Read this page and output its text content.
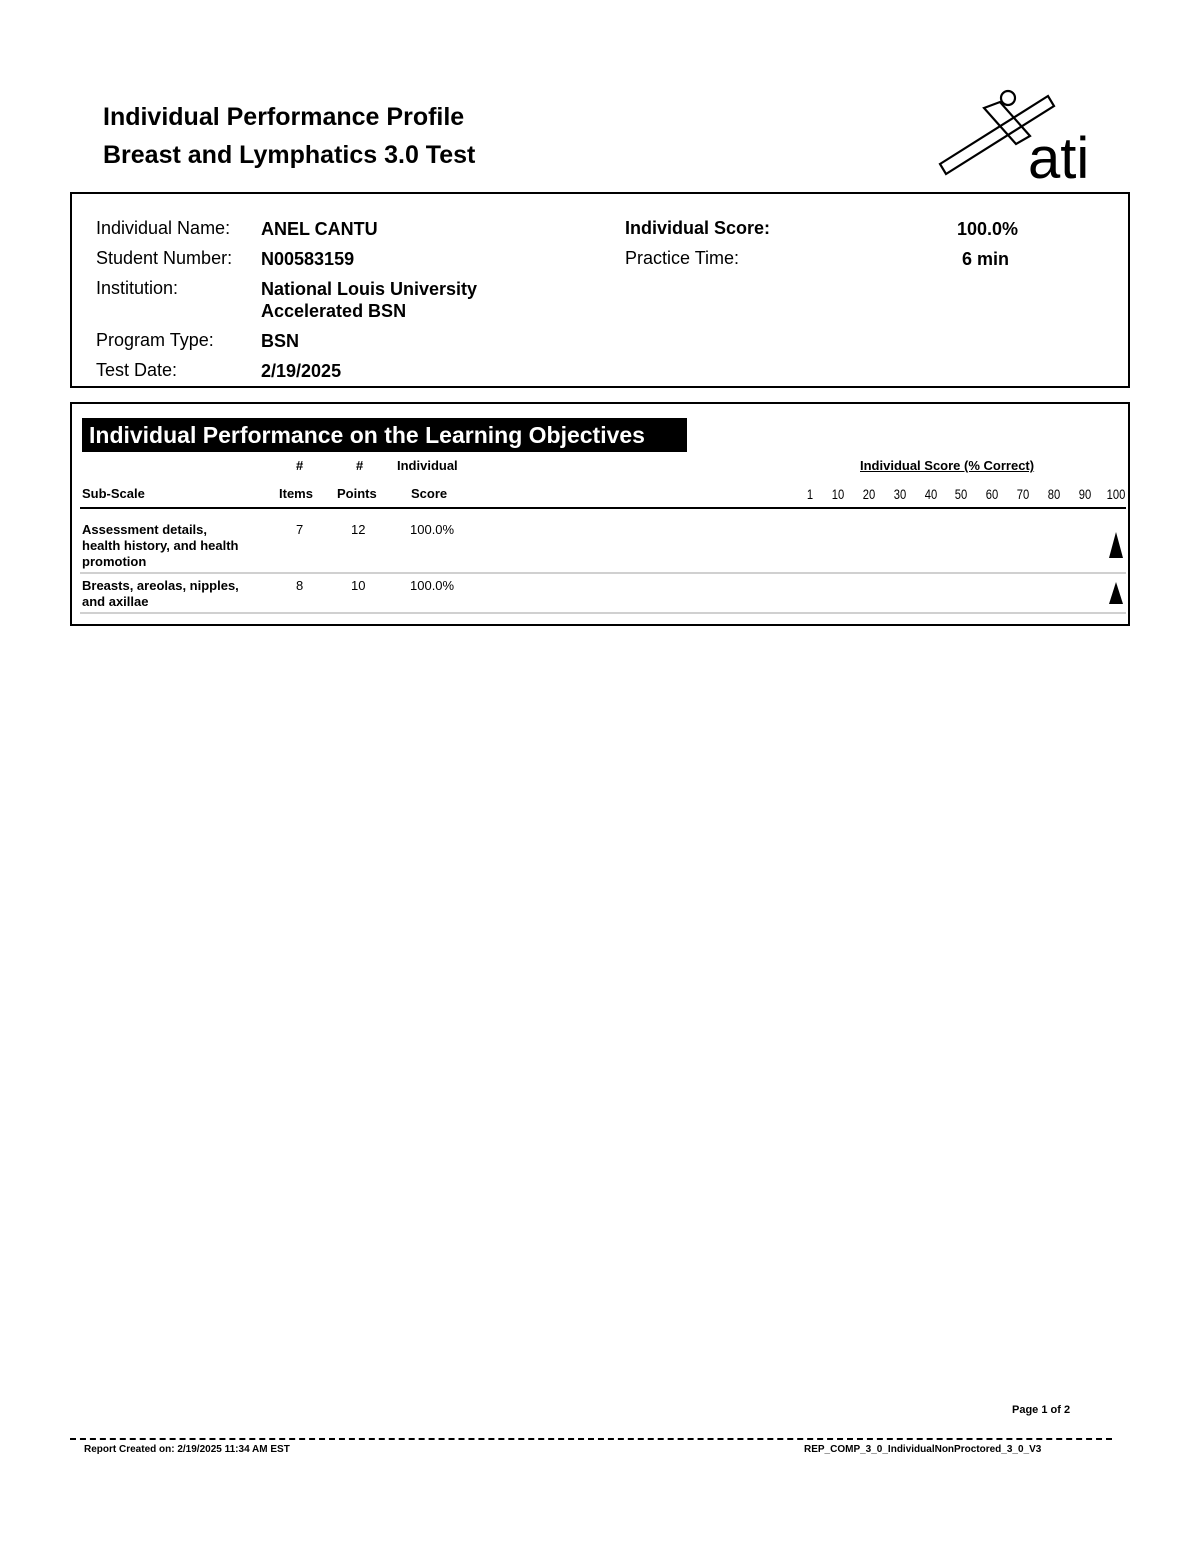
Individual Performance Profile
Breast and Lymphatics 3.0 Test	ati
Individual Name: ANEL CANTU
Student Number: N00583159
Institution:	National Louis University
Accelerated BSN
Program Type:	BSN
Test Date:	2/19/2025
Individual Score:	100.0%
Practice Time:	6 min
Individual Performance on the Learning Objectives
#	#	Individual	Individual Score (% Correct)
Sub-Scale	Items Points	Score	1 10 20 30 40 50 60 70 80 90 100
Assessment details,
health history, and health
promotion
7	12	100.0%
Breasts, areolas, nipples,
and axillae
8	10	100.0%
Page 1 of 2
Report Created on: 2/19/2025 11:34 AM EST	REP_COMP_3_0_IndividualNonProctored_3_0_V3
